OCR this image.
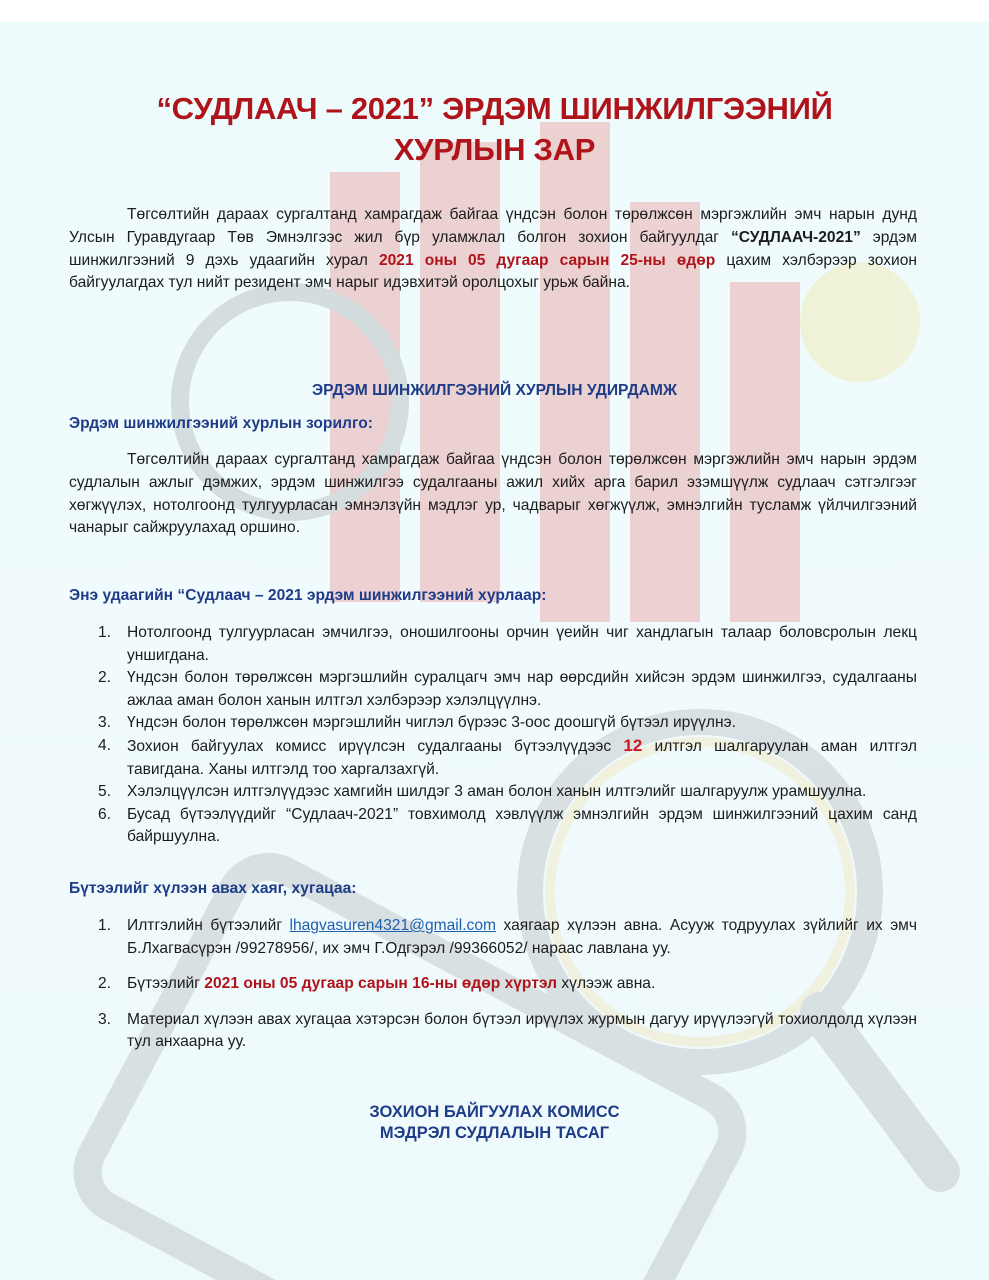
“СУДЛААЧ – 2021” ЭРДЭМ ШИНЖИЛГЭЭНИЙ
ХУРЛЫН ЗАР
Төгсөлтийн дараах сургалтанд хамрагдаж байгаа үндсэн болон төрөлжсөн мэргэжлийн эмч нарын дунд Улсын Гуравдугаар Төв Эмнэлгээс жил бүр уламжлал болгон зохион байгуулдаг “СУДЛААЧ-2021” эрдэм шинжилгээний 9 дэхь удаагийн хурал 2021 оны 05 дугаар сарын 25-ны өдөр цахим хэлбэрээр зохион байгуулагдах тул нийт резидент эмч нарыг идэвхитэй оролцохыг урьж байна.
ЭРДЭМ ШИНЖИЛГЭЭНИЙ ХУРЛЫН УДИРДАМЖ
Эрдэм шинжилгээний хурлын зорилго:
Төгсөлтийн дараах сургалтанд хамрагдаж байгаа үндсэн болон төрөлжсөн мэргэжлийн эмч нарын эрдэм судлалын ажлыг дэмжих, эрдэм шинжилгээ судалгааны ажил хийх арга барил эзэмшүүлж судлаач сэтгэлгээг хөгжүүлэх, нотолгоонд тулгуурласан эмнэлзүйн мэдлэг ур, чадварыг хөгжүүлж, эмнэлгийн тусламж үйлчилгээний чанарыг сайжруулахад оршино.
Энэ удаагийн “Судлаач – 2021 эрдэм шинжилгээний хурлаар:
1. Нотолгоонд тулгуурласан эмчилгээ, оношилгооны орчин үеийн чиг хандлагын талаар боловсролын лекц уншигдана.
2. Үндсэн болон төрөлжсөн мэргэшлийн суралцагч эмч нар өөрсдийн хийсэн эрдэм шинжилгээ, судалгааны ажлаа аман болон ханын илтгэл хэлбэрээр хэлэлцүүлнэ.
3. Үндсэн болон төрөлжсөн мэргэшлийн чиглэл бүрээс 3-оос доошгүй бүтээл ирүүлнэ.
4. Зохион байгуулах комисс ирүүлсэн судалгааны бүтээлүүдээс 12 илтгэл шалгаруулан аман илтгэл тавигдана. Ханы илтгэлд тоо харгалзахгүй.
5. Хэлэлцүүлсэн илтгэлүүдээс хамгийн шилдэг 3 аман болон ханын илтгэлийг шалгаруулж урамшуулна.
6. Бусад бүтээлүүдийг “Судлаач-2021” товхимолд хэвлүүлж эмнэлгийн эрдэм шинжилгээний цахим санд байршуулна.
Бүтээлийг хүлээн авах хаяг, хугацаа:
1. Илтгэлийн бүтээлийг lhagvasuren4321@gmail.com хаягаар хүлээн авна. Асууж тодруулах зүйлийг их эмч Б.Лхагвасүрэн /99278956/, их эмч Г.Одгэрэл /99366052/ нараас лавлана уу.
2. Бүтээлийг 2021 оны 05 дугаар сарын 16-ны өдөр хүртэл хүлээж авна.
3. Материал хүлээн авах хугацаа хэтэрсэн болон бүтээл ирүүлэх журмын дагуу ирүүлээгүй тохиолдолд хүлээн тул анхаарна уу.
ЗОХИОН БАЙГУУЛАХ КОМИСС
МЭДРЭЛ СУДЛАЛЫН ТАСАГ
